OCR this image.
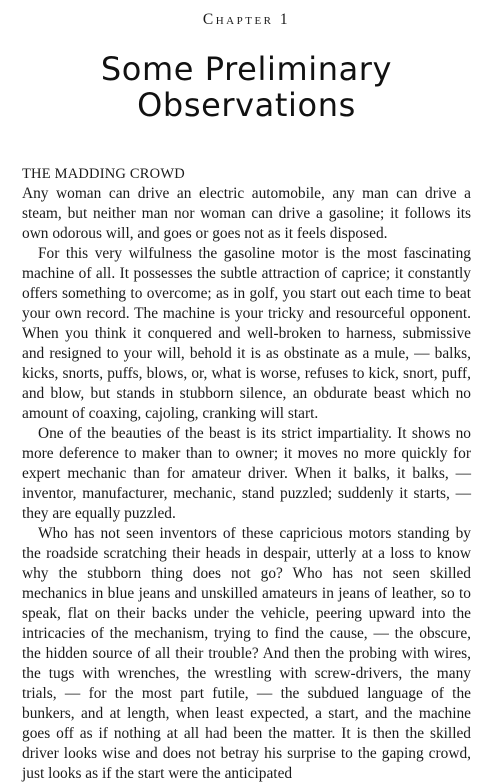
Chapter 1
Some Preliminary
Observations
THE MADDING CROWD

Any woman can drive an electric automobile, any man can drive a steam, but neither man nor woman can drive a gasoline; it follows its own odorous will, and goes or goes not as it feels disposed.

For this very wilfulness the gasoline motor is the most fascinating machine of all. It possesses the subtle attraction of caprice; it constantly offers something to overcome; as in golf, you start out each time to beat your own record. The machine is your tricky and resourceful opponent. When you think it conquered and well-broken to harness, submissive and resigned to your will, behold it is as obstinate as a mule, — balks, kicks, snorts, puffs, blows, or, what is worse, refuses to kick, snort, puff, and blow, but stands in stubborn silence, an obdurate beast which no amount of coaxing, cajoling, cranking will start.

One of the beauties of the beast is its strict impartiality. It shows no more deference to maker than to owner; it moves no more quickly for expert mechanic than for amateur driver. When it balks, it balks, — inventor, manufacturer, mechanic, stand puzzled; suddenly it starts, — they are equally puzzled.

Who has not seen inventors of these capricious motors standing by the roadside scratching their heads in despair, utterly at a loss to know why the stubborn thing does not go? Who has not seen skilled mechanics in blue jeans and unskilled amateurs in jeans of leather, so to speak, flat on their backs under the vehicle, peering upward into the intricacies of the mechanism, trying to find the cause, — the obscure, the hidden source of all their trouble? And then the probing with wires, the tugs with wrenches, the wrestling with screw-drivers, the many trials, — for the most part futile, — the subdued language of the bunkers, and at length, when least expected, a start, and the machine goes off as if nothing at all had been the matter. It is then the skilled driver looks wise and does not betray his surprise to the gaping crowd, just looks as if the start were the anticipated
